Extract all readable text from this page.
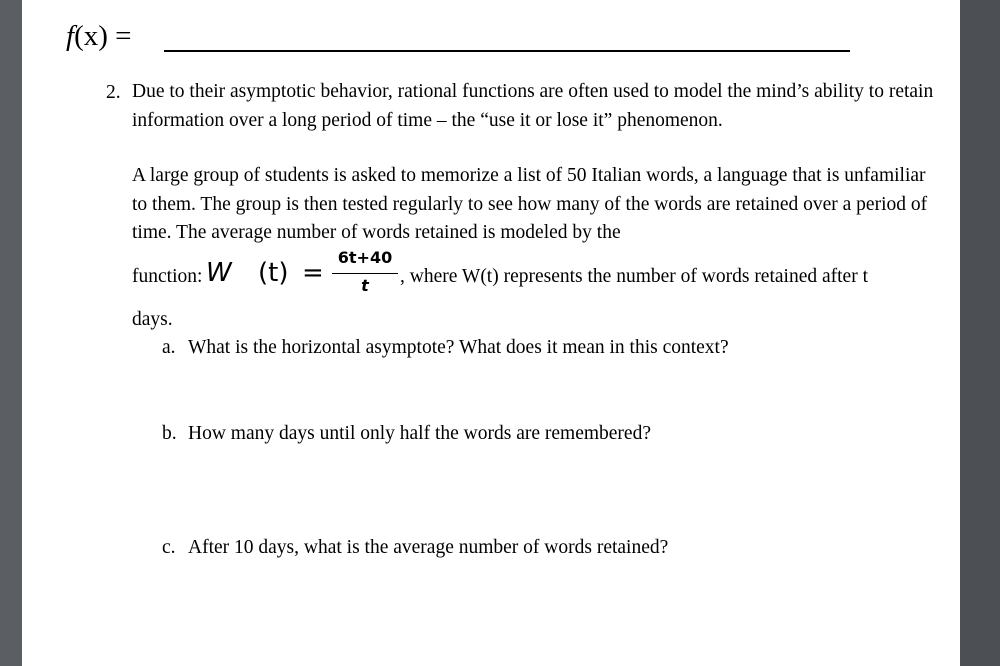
f(x) =
2. Due to their asymptotic behavior, rational functions are often used to model the mind’s ability to retain information over a long period of time – the “use it or lose it” phenomenon.
A large group of students is asked to memorize a list of 50 Italian words, a language that is unfamiliar to them. The group is then tested regularly to see how many of the words are retained over a period of time. The average number of words retained is modeled by the
function: W (t) =
6t+40
t	, where W(t) represents the number of words retained after t
days.
a. What is the horizontal asymptote? What does it mean in this context?
b. How many days until only half the words are remembered?
c. After 10 days, what is the average number of words retained?
